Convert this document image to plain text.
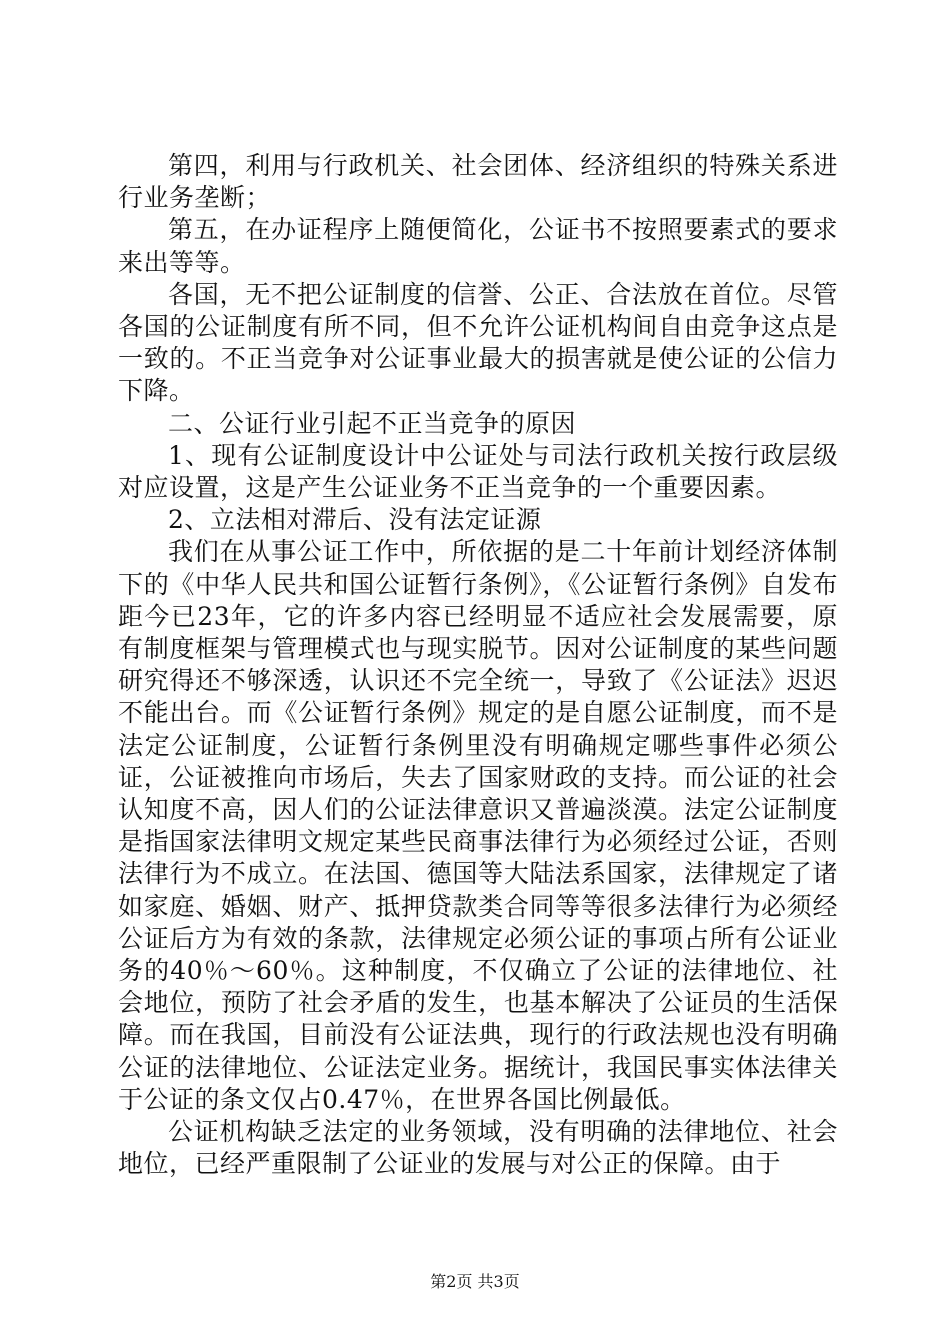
第四，利用与行政机关、社会团体、经济组织的特殊关系进行业务垄断；

第五，在办证程序上随便简化，公证书不按照要素式的要求来出等等。

各国，无不把公证制度的信誉、公正、合法放在首位。尽管各国的公证制度有所不同，但不允许公证机构间自由竞争这点是一致的。不正当竞争对公证事业最大的损害就是使公证的公信力下降。

二、公证行业引起不正当竞争的原因

1、现有公证制度设计中公证处与司法行政机关按行政层级对应设置，这是产生公证业务不正当竞争的一个重要因素。

2、立法相对滞后、没有法定证源

我们在从事公证工作中，所依据的是二十年前计划经济体制下的《中华人民共和国公证暂行条例》，《公证暂行条例》自发布距今已23年，它的许多内容已经明显不适应社会发展需要，原有制度框架与管理模式也与现实脱节。因对公证制度的某些问题研究得还不够深透，认识还不完全统一，导致了《公证法》迟迟不能出台。而《公证暂行条例》规定的是自愿公证制度，而不是法定公证制度，公证暂行条例里没有明确规定哪些事件必须公证，公证被推向市场后，失去了国家财政的支持。而公证的社会认知度不高，因人们的公证法律意识又普遍淡漠。法定公证制度是指国家法律明文规定某些民商事法律行为必须经过公证，否则法律行为不成立。在法国、德国等大陆法系国家，法律规定了诸如家庭、婚姻、财产、抵押贷款类合同等等很多法律行为必须经公证后方为有效的条款，法律规定必须公证的事项占所有公证业务的40％～60％。这种制度，不仅确立了公证的法律地位、社会地位，预防了社会矛盾的发生，也基本解决了公证员的生活保障。而在我国，目前没有公证法典，现行的行政法规也没有明确公证的法律地位、公证法定业务。据统计，我国民事实体法律关于公证的条文仅占0.47％，在世界各国比例最低。

公证机构缺乏法定的业务领域，没有明确的法律地位、社会地位，已经严重限制了公证业的发展与对公正的保障。由于

第2页 共3页
